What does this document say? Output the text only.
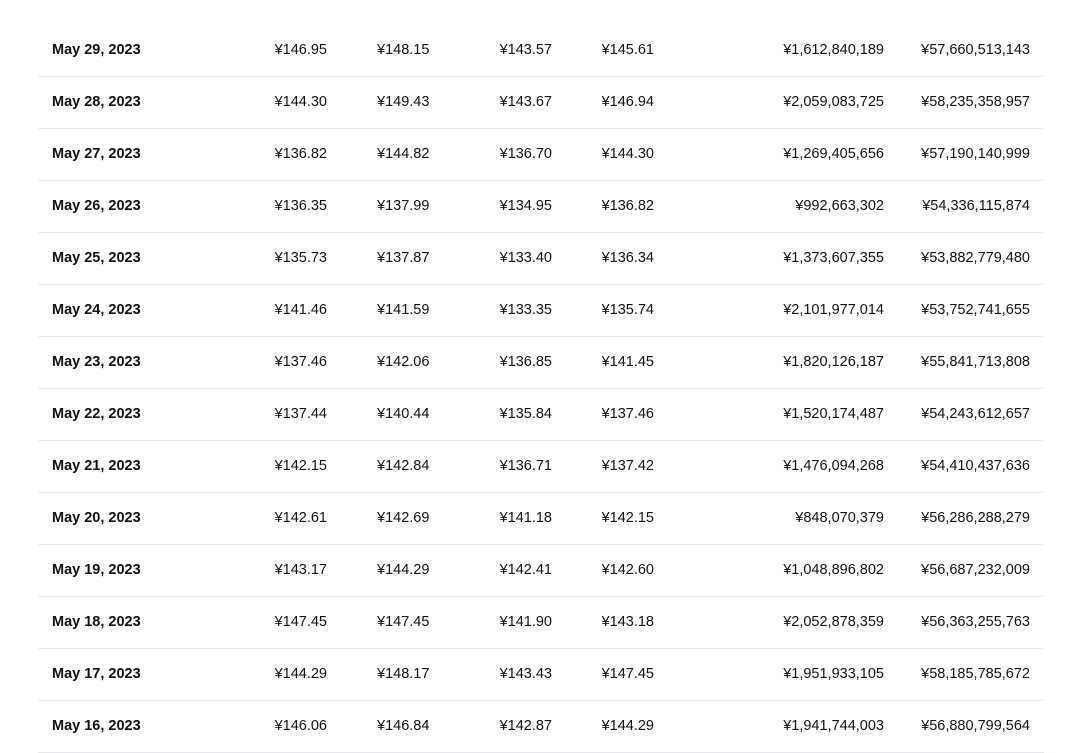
May 29, 2023	¥146.95	¥148.15	¥143.57	¥145.61	¥1,612,840,189	¥57,660,513,143
May 28, 2023	¥144.30	¥149.43	¥143.67	¥146.94	¥2,059,083,725	¥58,235,358,957
May 27, 2023	¥136.82	¥144.82	¥136.70	¥144.30	¥1,269,405,656	¥57,190,140,999
May 26, 2023	¥136.35	¥137.99	¥134.95	¥136.82	¥992,663,302	¥54,336,115,874
May 25, 2023	¥135.73	¥137.87	¥133.40	¥136.34	¥1,373,607,355	¥53,882,779,480
May 24, 2023	¥141.46	¥141.59	¥133.35	¥135.74	¥2,101,977,014	¥53,752,741,655
May 23, 2023	¥137.46	¥142.06	¥136.85	¥141.45	¥1,820,126,187	¥55,841,713,808
May 22, 2023	¥137.44	¥140.44	¥135.84	¥137.46	¥1,520,174,487	¥54,243,612,657
May 21, 2023	¥142.15	¥142.84	¥136.71	¥137.42	¥1,476,094,268	¥54,410,437,636
May 20, 2023	¥142.61	¥142.69	¥141.18	¥142.15	¥848,070,379	¥56,286,288,279
May 19, 2023	¥143.17	¥144.29	¥142.41	¥142.60	¥1,048,896,802	¥56,687,232,009
May 18, 2023	¥147.45	¥147.45	¥141.90	¥143.18	¥2,052,878,359	¥56,363,255,763
May 17, 2023	¥144.29	¥148.17	¥143.43	¥147.45	¥1,951,933,105	¥58,185,785,672
May 16, 2023	¥146.06	¥146.84	¥142.87	¥144.29	¥1,941,744,003	¥56,880,799,564
